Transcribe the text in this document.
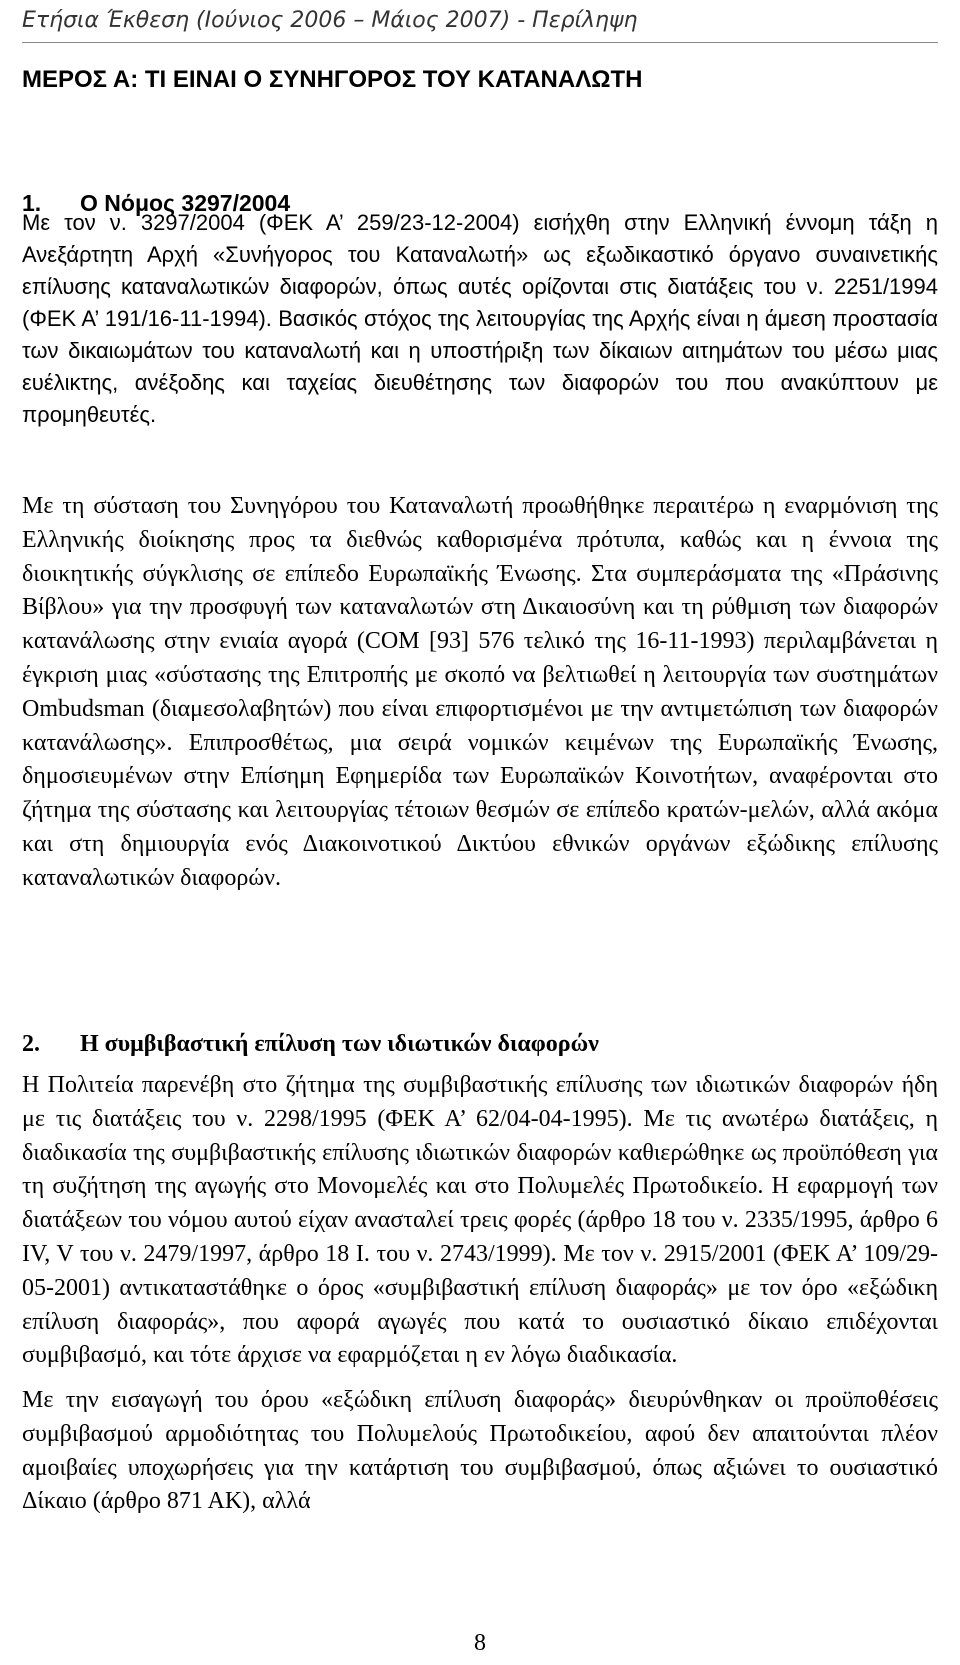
Ετήσια Έκθεση (Ιούνιος 2006 – Μάιος 2007) - Περίληψη
ΜΕΡΟΣ Α: ΤΙ ΕΙΝΑΙ Ο ΣΥΝΗΓΟΡΟΣ ΤΟΥ ΚΑΤΑΝΑΛΩΤΗ
1. Ο Νόμος 3297/2004

Με τον ν. 3297/2004 (ΦΕΚ Α’ 259/23-12-2004) εισήχθη στην Ελληνική έννομη τάξη η Ανεξάρτητη Αρχή «Συνήγορος του Καταναλωτή» ως εξωδικαστικό όργανο συναινετικής επίλυσης καταναλωτικών διαφορών, όπως αυτές ορίζονται στις διατάξεις του ν. 2251/1994 (ΦΕΚ Α’ 191/16-11-1994). Βασικός στόχος της λειτουργίας της Αρχής είναι η άμεση προστασία των δικαιωμάτων του καταναλωτή και η υποστήριξη των δίκαιων αιτημάτων του μέσω μιας ευέλικτης, ανέξοδης και ταχείας διευθέτησης των διαφορών του που ανακύπτουν με προμηθευτές.

Με τη σύσταση του Συνηγόρου του Καταναλωτή προωθήθηκε περαιτέρω η εναρμόνιση της Ελληνικής διοίκησης προς τα διεθνώς καθορισμένα πρότυπα, καθώς και η έννοια της διοικητικής σύγκλισης σε επίπεδο Ευρωπαϊκής Ένωσης. Στα συμπεράσματα της «Πράσινης Βίβλου» για την προσφυγή των καταναλωτών στη Δικαιοσύνη και τη ρύθμιση των διαφορών κατανάλωσης στην ενιαία αγορά (COM [93] 576 τελικό της 16-11-1993) περιλαμβάνεται η έγκριση μιας «σύστασης της Επιτροπής με σκοπό να βελτιωθεί η λειτουργία των συστημάτων Ombudsman (διαμεσολαβητών) που είναι επιφορτισμένοι με την αντιμετώπιση των διαφορών κατανάλωσης». Επιπροσθέτως, μια σειρά νομικών κειμένων της Ευρωπαϊκής Ένωσης, δημοσιευμένων στην Επίσημη Εφημερίδα των Ευρωπαϊκών Κοινοτήτων, αναφέρονται στο ζήτημα της σύστασης και λειτουργίας τέτοιων θεσμών σε επίπεδο κρατών-μελών, αλλά ακόμα και στη δημιουργία ενός Διακοινοτικού Δικτύου εθνικών οργάνων εξώδικης επίλυσης καταναλωτικών διαφορών.

2. Η συμβιβαστική επίλυση των ιδιωτικών διαφορών

Η Πολιτεία παρενέβη στο ζήτημα της συμβιβαστικής επίλυσης των ιδιωτικών διαφορών ήδη με τις διατάξεις του ν. 2298/1995 (ΦΕΚ Α’ 62/04-04-1995). Με τις ανωτέρω διατάξεις, η διαδικασία της συμβιβαστικής επίλυσης ιδιωτικών διαφορών καθιερώθηκε ως προϋπόθεση για τη συζήτηση της αγωγής στο Μονομελές και στο Πολυμελές Πρωτοδικείο. Η εφαρμογή των διατάξεων του νόμου αυτού είχαν ανασταλεί τρεις φορές (άρθρο 18 του ν. 2335/1995, άρθρο 6 IV, V του ν. 2479/1997, άρθρο 18 Ι. του ν. 2743/1999). Με τον ν. 2915/2001 (ΦΕΚ Α’ 109/29-05-2001) αντικαταστάθηκε ο όρος «συμβιβαστική επίλυση διαφοράς» με τον όρο «εξώδικη επίλυση διαφοράς», που αφορά αγωγές που κατά το ουσιαστικό δίκαιο επιδέχονται συμβιβασμό, και τότε άρχισε να εφαρμόζεται η εν λόγω διαδικασία.

Με την εισαγωγή του όρου «εξώδικη επίλυση διαφοράς» διευρύνθηκαν οι προϋποθέσεις συμβιβασμού αρμοδιότητας του Πολυμελούς Πρωτοδικείου, αφού δεν απαιτούνται πλέον αμοιβαίες υποχωρήσεις για την κατάρτιση του συμβιβασμού, όπως αξιώνει το ουσιαστικό Δίκαιο (άρθρο 871 ΑΚ), αλλά

8
